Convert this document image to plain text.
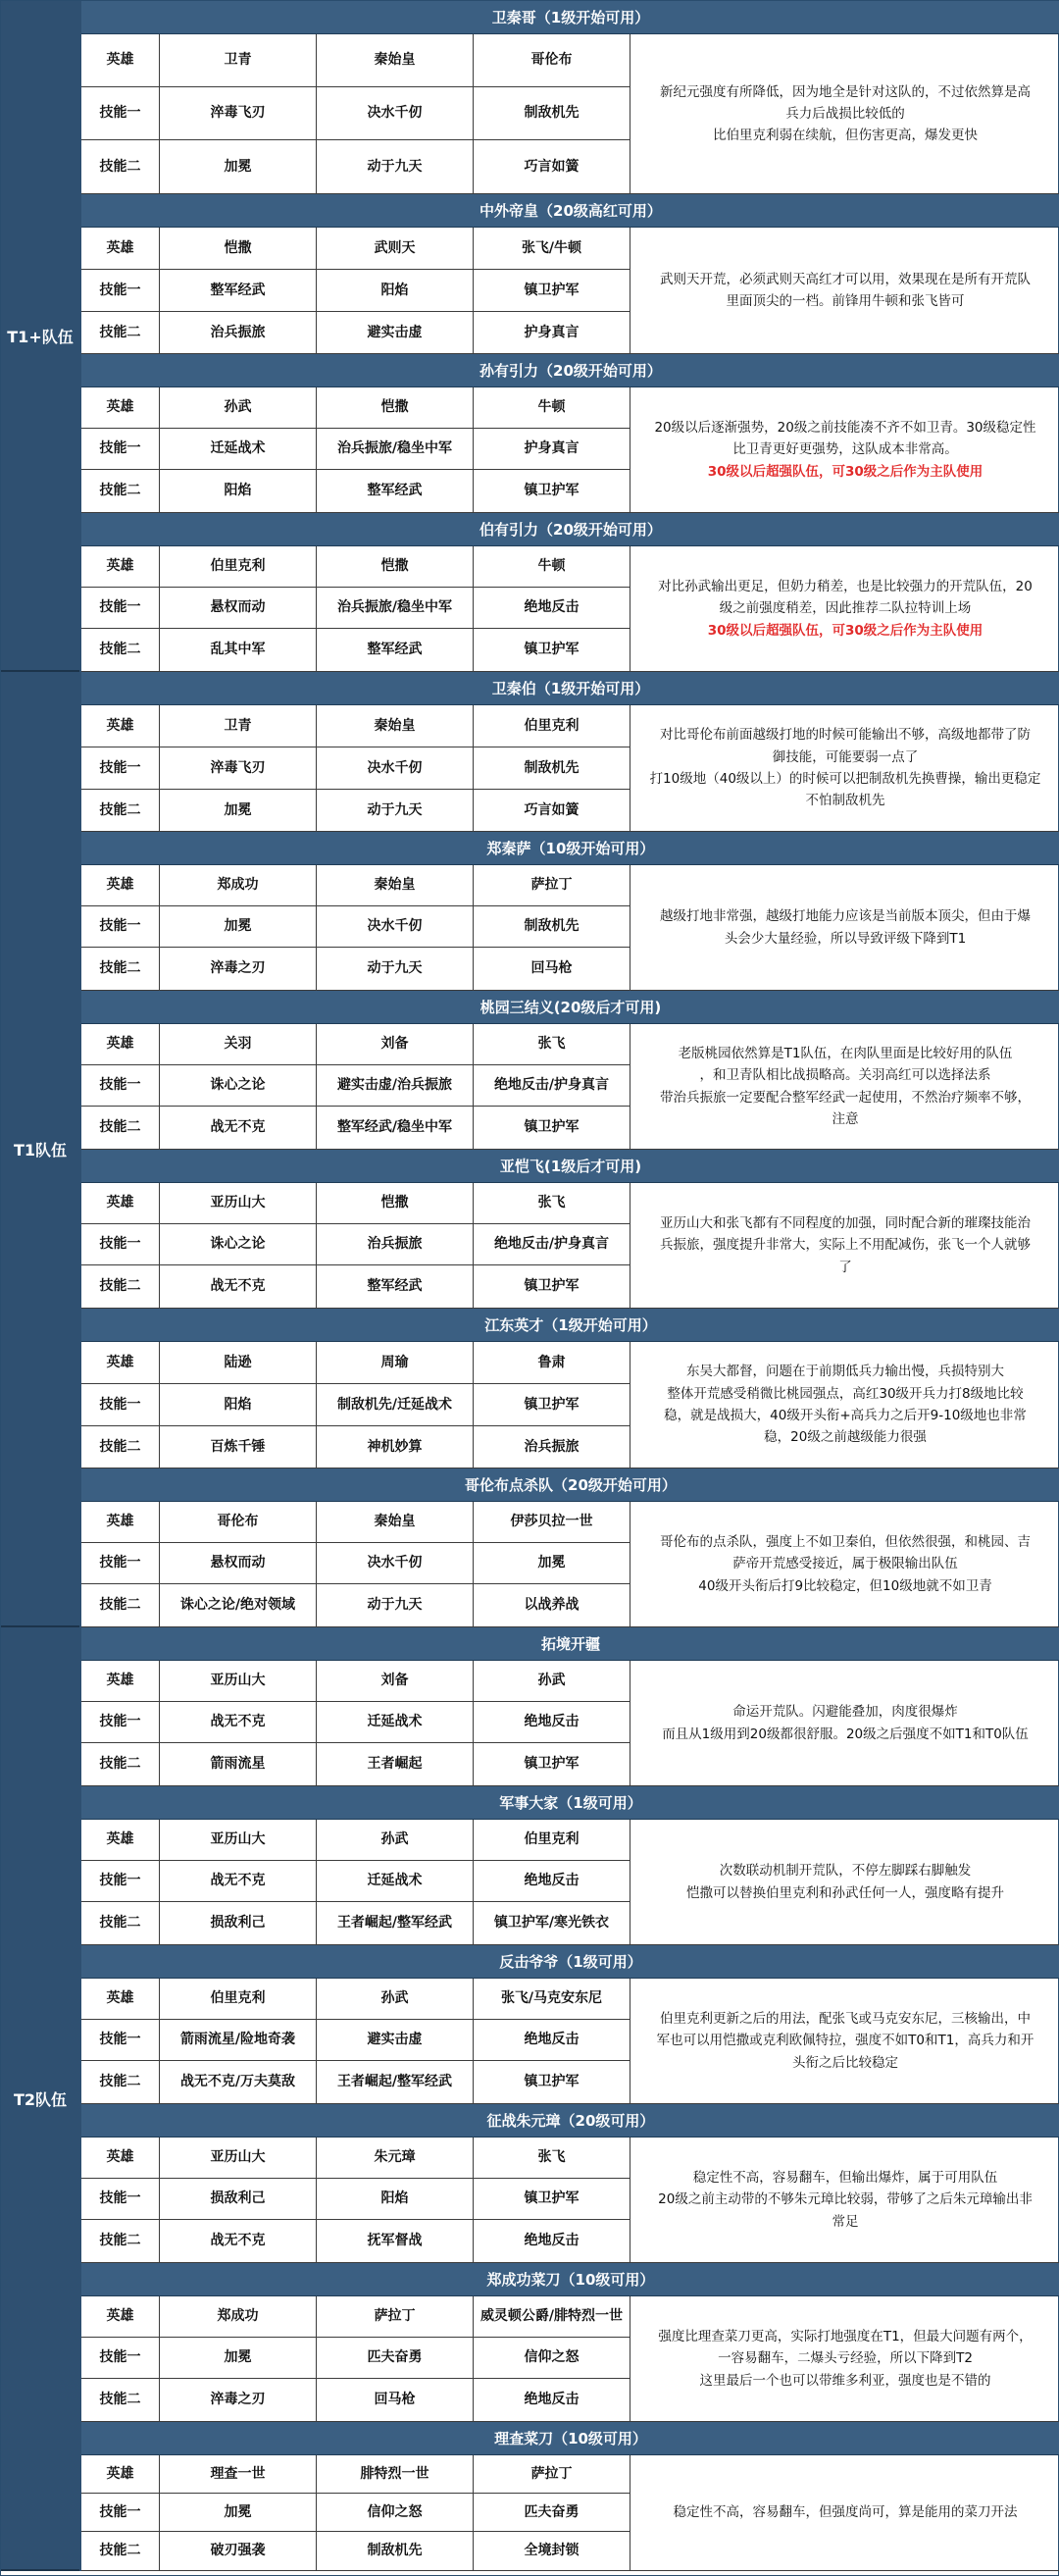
T1+队伍
T1队伍
T2队伍
卫秦哥（1级开始可用）
英雄	卫青	秦始皇	哥伦布
技能一	淬毒飞刃	决水千仞	制敌机先
技能二	加冕	动于九天	巧言如簧
新纪元强度有所降低，因为地全是针对这队的，不过依然算是高
兵力后战损比较低的
比伯里克利弱在续航，但伤害更高，爆发更快
中外帝皇（20级高红可用）
英雄	恺撒	武则天	张飞/牛顿
技能一	整军经武	阳焰	镇卫护军
技能二	治兵振旅	避实击虚	护身真言
武则天开荒，必须武则天高红才可以用，效果现在是所有开荒队
里面顶尖的一档。前锋用牛顿和张飞皆可
孙有引力（20级开始可用）
英雄	孙武	恺撒	牛顿
技能一	迁延战术	治兵振旅/稳坐中军	护身真言
技能二	阳焰	整军经武	镇卫护军
20级以后逐渐强势，20级之前技能凑不齐不如卫青。30级稳定性
比卫青更好更强势，这队成本非常高。
30级以后超强队伍，可30级之后作为主队使用
伯有引力（20级开始可用）
英雄	伯里克利	恺撒	牛顿
技能一	悬权而动	治兵振旅/稳坐中军	绝地反击
技能二	乱其中军	整军经武	镇卫护军
对比孙武输出更足，但奶力稍差，也是比较强力的开荒队伍，20
级之前强度稍差，因此推荐二队拉特训上场
30级以后超强队伍，可30级之后作为主队使用
卫秦伯（1级开始可用）
英雄	卫青	秦始皇	伯里克利
技能一	淬毒飞刃	决水千仞	制敌机先
技能二	加冕	动于九天	巧言如簧
对比哥伦布前面越级打地的时候可能输出不够，高级地都带了防
御技能，可能要弱一点了
打10级地（40级以上）的时候可以把制敌机先换曹操，输出更稳定
不怕制敌机先
郑秦萨（10级开始可用）
英雄	郑成功	秦始皇	萨拉丁
技能一	加冕	决水千仞	制敌机先
技能二	淬毒之刃	动于九天	回马枪
越级打地非常强，越级打地能力应该是当前版本顶尖，但由于爆
头会少大量经验，所以导致评级下降到T1
桃园三结义(20级后才可用)
英雄	关羽	刘备	张飞
技能一	诛心之论	避实击虚/治兵振旅	绝地反击/护身真言
技能二	战无不克	整军经武/稳坐中军	镇卫护军
老版桃园依然算是T1队伍，在肉队里面是比较好用的队伍
，和卫青队相比战损略高。关羽高红可以选择法系
带治兵振旅一定要配合整军经武一起使用，不然治疗频率不够，
注意
亚恺飞(1级后才可用)
英雄	亚历山大	恺撒	张飞
技能一	诛心之论	治兵振旅	绝地反击/护身真言
技能二	战无不克	整军经武	镇卫护军
亚历山大和张飞都有不同程度的加强，同时配合新的璀璨技能治
兵振旅，强度提升非常大，实际上不用配减伤，张飞一个人就够
了
江东英才（1级开始可用）
英雄	陆逊	周瑜	鲁肃
技能一	阳焰	制敌机先/迁延战术	镇卫护军
技能二	百炼千锤	神机妙算	治兵振旅
东吴大都督，问题在于前期低兵力输出慢，兵损特别大
整体开荒感受稍微比桃园强点，高红30级开兵力打8级地比较
稳，就是战损大，40级开头衔+高兵力之后开9-10级地也非常
稳，20级之前越级能力很强
哥伦布点杀队（20级开始可用）
英雄	哥伦布	秦始皇	伊莎贝拉一世
技能一	悬权而动	决水千仞	加冕
技能二	诛心之论/绝对领域	动于九天	以战养战
哥伦布的点杀队，强度上不如卫秦伯，但依然很强，和桃园、吉
萨帝开荒感受接近，属于极限输出队伍
40级开头衔后打9比较稳定，但10级地就不如卫青
拓境开疆
英雄	亚历山大	刘备	孙武
技能一	战无不克	迁延战术	绝地反击
技能二	箭雨流星	王者崛起	镇卫护军
命运开荒队。闪避能叠加，肉度很爆炸
而且从1级用到20级都很舒服。20级之后强度不如T1和T0队伍
军事大家（1级可用）
英雄	亚历山大	孙武	伯里克利
技能一	战无不克	迁延战术	绝地反击
技能二	损敌利己	王者崛起/整军经武	镇卫护军/寒光铁衣
次数联动机制开荒队，不停左脚踩右脚触发
恺撒可以替换伯里克利和孙武任何一人，强度略有提升
反击爷爷（1级可用）
英雄	伯里克利	孙武	张飞/马克安东尼
技能一	箭雨流星/险地奇袭	避实击虚	绝地反击
技能二	战无不克/万夫莫敌	王者崛起/整军经武	镇卫护军
伯里克利更新之后的用法，配张飞或马克安东尼，三核输出，中
军也可以用恺撒或克利欧佩特拉，强度不如T0和T1，高兵力和开
头衔之后比较稳定
征战朱元璋（20级可用）
英雄	亚历山大	朱元璋	张飞
技能一	损敌利己	阳焰	镇卫护军
技能二	战无不克	抚军督战	绝地反击
稳定性不高，容易翻车，但输出爆炸，属于可用队伍
20级之前主动带的不够朱元璋比较弱，带够了之后朱元璋输出非
常足
郑成功菜刀（10级可用）
英雄	郑成功	萨拉丁	威灵顿公爵/腓特烈一世
技能一	加冕	匹夫奋勇	信仰之怒
技能二	淬毒之刃	回马枪	绝地反击
强度比理查菜刀更高，实际打地强度在T1，但最大问题有两个，
一容易翻车，二爆头亏经验，所以下降到T2
这里最后一个也可以带维多利亚，强度也是不错的
理查菜刀（10级可用）
英雄	理查一世	腓特烈一世	萨拉丁
技能一	加冕	信仰之怒	匹夫奋勇
技能二	破刃强袭	制敌机先	全境封锁
稳定性不高，容易翻车，但强度尚可，算是能用的菜刀开法
